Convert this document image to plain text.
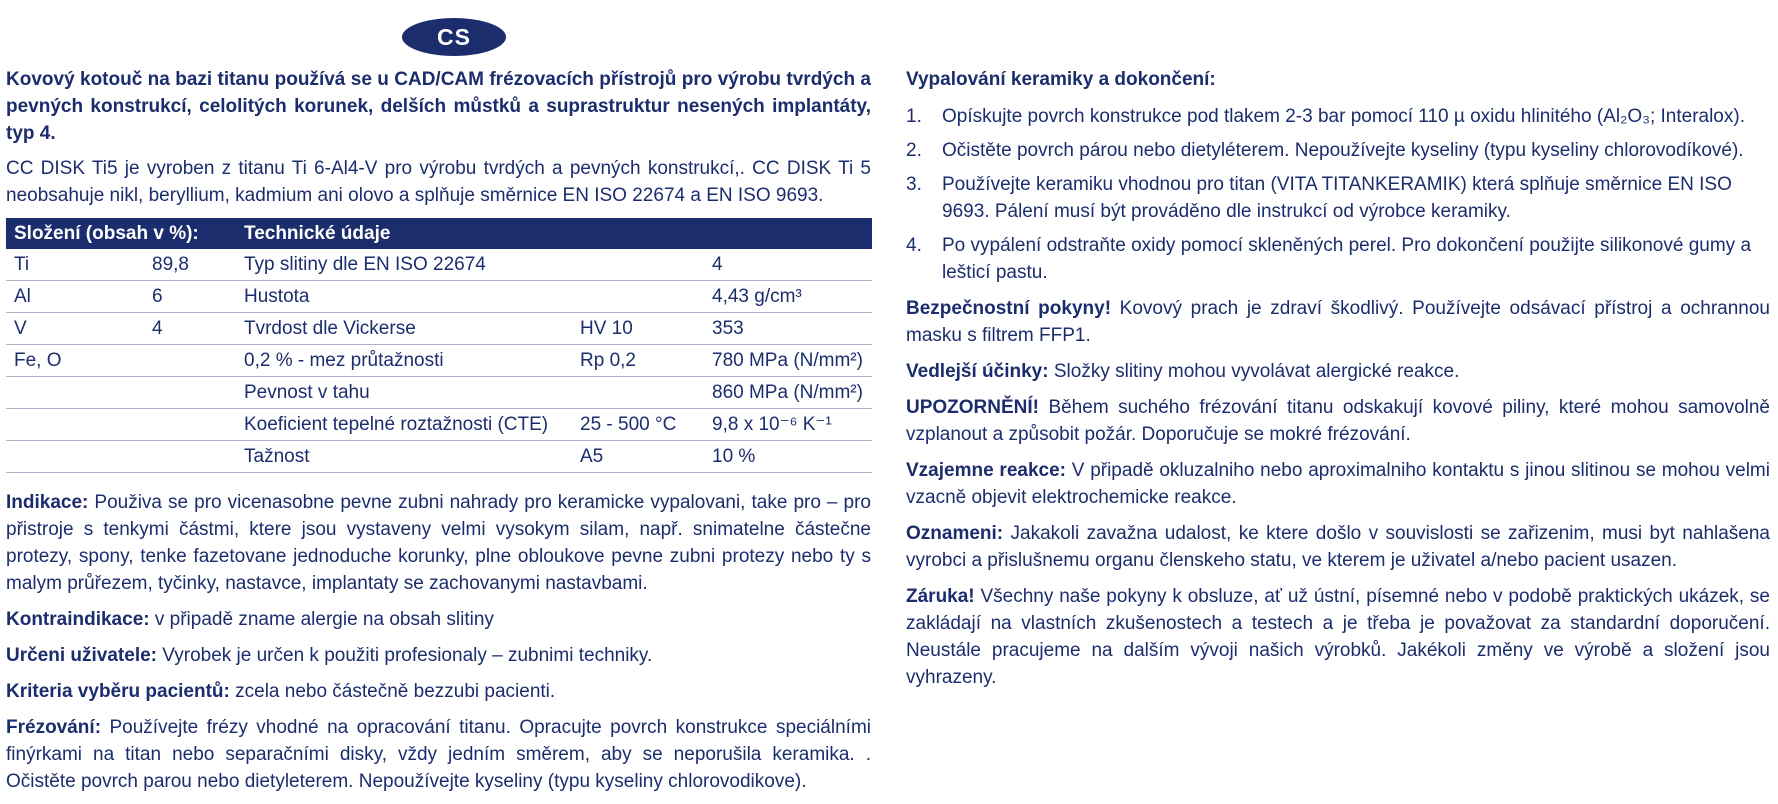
CS

Kovový kotouč na bazi titanu používá se u CAD/CAM frézovacích přístrojů pro výrobu tvrdých a pevných konstrukcí, celolitých korunek, delších můstků a suprastruktur nesených implantáty, typ 4.

CC DISK Ti5 je vyroben z titanu Ti 6-Al4-V pro výrobu tvrdých a pevných konstrukcí,. CC DISK Ti 5 neobsahuje nikl, beryllium, kadmium ani olovo a splňuje směrnice EN ISO 22674 a EN ISO 9693.

Složení (obsah v %):		Technické údaje		
Ti	89,8	Typ slitiny dle EN ISO 22674		4
Al	6	Hustota		4,43 g/cm³
V	4	Tvrdost dle Vickerse	HV 10	353
Fe, O		0,2 % - mez průtažnosti	Rp 0,2	780 MPa (N/mm²)
		Pevnost v tahu		860 MPa (N/mm²)
		Koeficient tepelné roztažnosti (CTE)	25 - 500 °C	9,8 x 10⁻⁶ K⁻¹
		Tažnost	A5	10 %

Indikace: Použiva se pro vicenasobne pevne zubni nahrady pro keramicke vypalovani, take pro – pro přistroje s tenkymi částmi, ktere jsou vystaveny velmi vysokym silam, např. snimatelne částečne protezy, spony, tenke fazetovane jednoduche korunky, plne obloukove pevne zubni protezy nebo ty s malym průřezem, tyčinky, nastavce, implantaty se zachovanymi nastavbami.

Kontraindikace: v připadě zname alergie na obsah slitiny

Určeni uživatele: Vyrobek je určen k použiti profesionaly – zubnimi techniky.

Kriteria vyběru pacientů: zcela nebo částečně bezzubi pacienti.

Frézování: Používejte frézy vhodné na opracování titanu. Opracujte povrch konstrukce speciálními finýrkami na titan nebo separačními disky, vždy jedním směrem, aby se neporušila keramika. . Očistěte povrch parou nebo dietyleterem. Nepoužívejte kyseliny (typu kyseliny chlorovodikove).

Vypalování keramiky a dokončení:
1. Opískujte povrch konstrukce pod tlakem 2-3 bar pomocí 110 µ oxidu hlinitého (Al₂O₃; Interalox).
2. Očistěte povrch párou nebo dietyléterem. Nepoužívejte kyseliny (typu kyseliny chlorovodíkové).
3. Používejte keramiku vhodnou pro titan (VITA TITANKERAMIK) která splňuje směrnice EN ISO 9693. Pálení musí být prováděno dle instrukcí od výrobce keramiky.
4. Po vypálení odstraňte oxidy pomocí skleněných perel. Pro dokončení použijte silikonové gumy a lešticí pastu.

Bezpečnostní pokyny! Kovový prach je zdraví škodlivý. Používejte odsávací přístroj a ochrannou masku s filtrem FFP1.

Vedlejší účinky: Složky slitiny mohou vyvolávat alergické reakce.

UPOZORNĚNÍ! Během suchého frézování titanu odskakují kovové piliny, které mohou samovolně vzplanout a způsobit požár. Doporučuje se mokré frézování.

Vzajemne reakce: V připadě okluzalniho nebo aproximalniho kontaktu s jinou slitinou se mohou velmi vzacně objevit elektrochemicke reakce.

Oznameni: Jakakoli zavažna udalost, ke ktere došlo v souvislosti se zařizenim, musi byt nahlašena vyrobci a přislušnemu organu členskeho statu, ve kterem je uživatel a/nebo pacient usazen.

Záruka! Všechny naše pokyny k obsluze, ať už ústní, písemné nebo v podobě praktických ukázek, se zakládají na vlastních zkušenostech a testech a je třeba je považovat za standardní doporučení. Neustále pracujeme na dalším vývoji našich výrobků. Jakékoli změny ve výrobě a složení jsou vyhrazeny.
